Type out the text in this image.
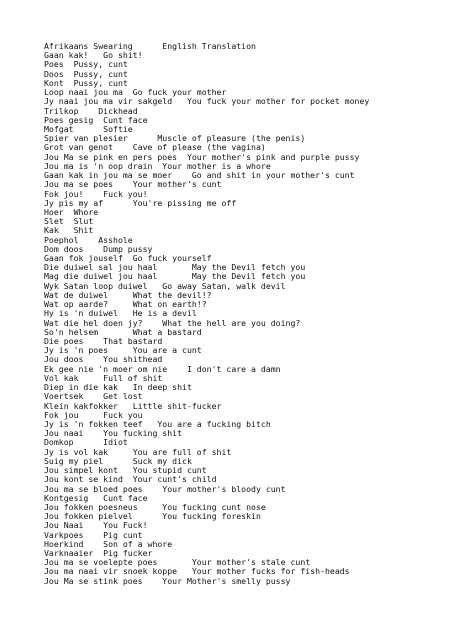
Afrikaans Swearing      English Translation
Gaan kak!   Go shit!
Poes  Pussy, cunt
Doos  Pussy, cunt
Kont  Pussy, cunt
Loop naai jou ma  Go fuck your mother
Jy naai jou ma vir sakgeld   You fuck your mother for pocket money
Trilkop    Dickhead
Poes gesig  Cunt face
Mofgat      Softie
Spier van plesier      Muscle of pleasure (the penis)
Grot van genot    Cave of please (the vagina)
Jou Ma se pink en pers poes  Your mother's pink and purple pussy
Jou ma is 'n oop drain  Your mother is a whore
Gaan kak in jou ma se moer    Go and shit in your mother's cunt
Jou ma se poes    Your mother's cunt
Fok jou!    Fuck you!
Jy pis my af      You're pissing me off
Hoer  Whore
Slet  Slut
Kak   Shit
Poephol    Asshole
Dom doos    Dump pussy
Gaan fok jouself  Go fuck yourself
Die duiwel sal jou haal       May the Devil fetch you
Mag die duiwel jou haal       May the Devil fetch you
Wyk Satan loop duiwel   Go away Satan, walk devil
Wat de duiwel     What the devil!?
Wat op aarde?     What on earth!?
Hy is 'n duiwel   He is a devil
Wat die hel doen jy?    What the hell are you doing?
So'n helsem       What a bastard
Die poes    That bastard
Jy is 'n poes     You are a cunt
Jou doos    You shithead
Ek gee nie 'n moer om nie    I don't care a damn
Vol kak     Full of shit
Diep in die kak   In deep shit
Voertsek    Get lost
Klein kakfokker   Little shit-fucker
Fok jou     Fuck you
Jy is 'n fokken teef   You are a fucking bitch
Jou naai    You fucking shit
Domkop      Idiot
Jy is vol kak     You are full of shit
Suig my piel      Suck my dick
Jou simpel kont   You stupid cunt
Jou kont se kind  Your cunt's child
Jou ma se bloed poes    Your mother's bloody cunt
Kontgesig   Cunt face
Jou fokken poesneus     You fucking cunt nose
Jou fokken pielvel      You fucking foreskin
Jou Naai    You Fuck!
Varkpoes    Pig cunt
Hoerkind    Son of a whore
Varknaaier  Pig fucker
Jou ma se voelepte poes       Your mother's stale cunt
Jou ma naai vir snoek koppe   Your mother fucks for fish-heads
Jou Ma se stink poes    Your Mother's smelly pussy
